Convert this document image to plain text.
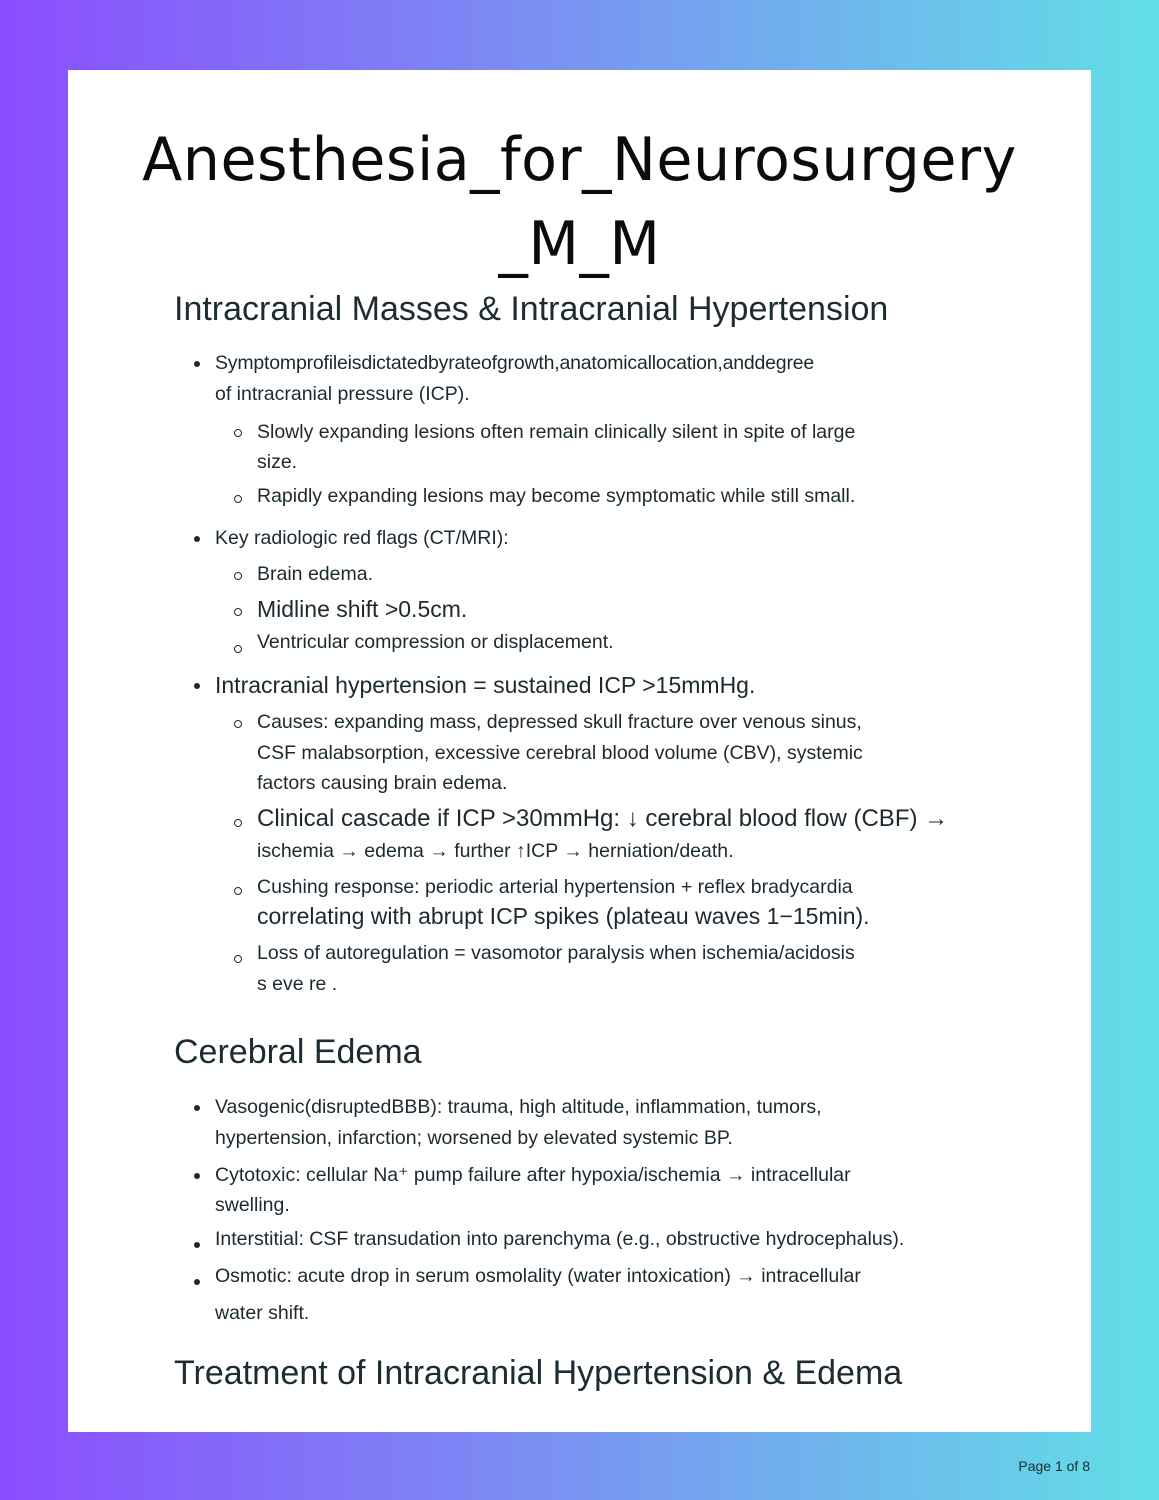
Anesthesia_for_Neurosurgery
_M_M
Intracranial Masses & Intracranial Hypertension
Symptomprofileisdictatedbyrateofgrowth,anatomicallocation,anddegree
of intracranial pressure (ICP).
Slowly expanding lesions often remain clinically silent in spite of large
size.
Rapidly expanding lesions may become symptomatic while still small.
Key radiologic red flags (CT/MRI):
Brain edema.
Midline shift >0.5cm.
Ventricular compression or displacement.
Intracranial hypertension = sustained ICP >15mmHg.
Causes: expanding mass, depressed skull fracture over venous sinus,
CSF malabsorption, excessive cerebral blood volume (CBV), systemic
factors causing brain edema.
Clinical cascade if ICP >30mmHg: ↓ cerebral blood flow (CBF) →
ischemia → edema → further ↑ICP → herniation/death.
Cushing response: periodic arterial hypertension + reflex bradycardia
correlating with abrupt ICP spikes (plateau waves 1−15min).
Loss of autoregulation = vasomotor paralysis when ischemia/acidosis
s eve re .
Cerebral Edema
Vasogenic(disruptedBBB): trauma, high altitude, inflammation, tumors,
hypertension, infarction; worsened by elevated systemic BP.
Cytotoxic: cellular Na⁺ pump failure after hypoxia/ischemia → intracellular
swelling.
Interstitial: CSF transudation into parenchyma (e.g., obstructive hydrocephalus).
Osmotic: acute drop in serum osmolality (water intoxication) → intracellular
water shift.
Treatment of Intracranial Hypertension & Edema
Page 1 of 8
